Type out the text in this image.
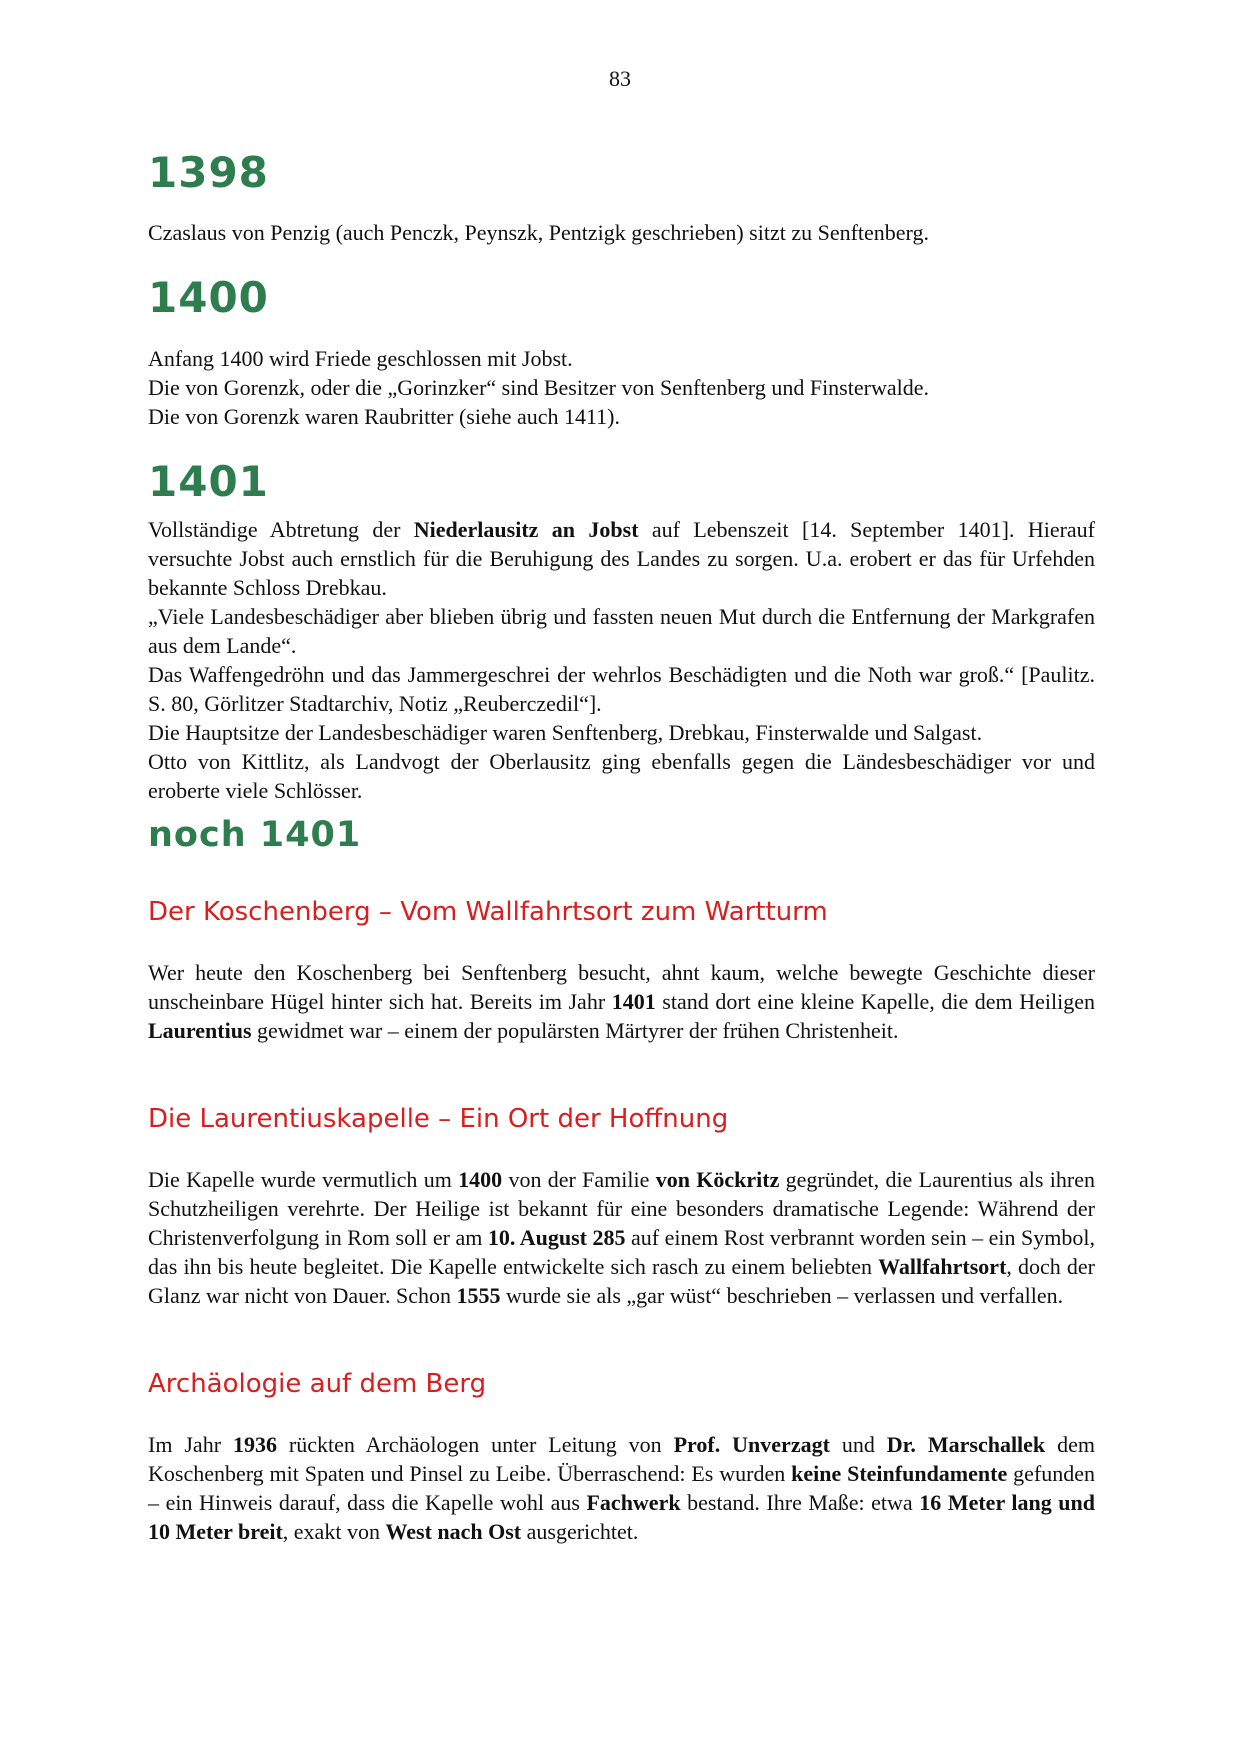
83
1398

Czaslaus von Penzig (auch Penczk, Peynszk, Pentzigk geschrieben) sitzt zu Senftenberg.

1400

Anfang 1400 wird Friede geschlossen mit Jobst.

Die von Gorenzk, oder die „Gorinzker“ sind Besitzer von Senftenberg und Finsterwalde.

Die von Gorenzk waren Raubritter (siehe auch 1411).

1401

Vollständige Abtretung der Niederlausitz an Jobst auf Lebenszeit [14. September 1401]. Hierauf versuchte Jobst auch ernstlich für die Beruhigung des Landes zu sorgen. U.a. erobert er das für Urfehden bekannte Schloss Drebkau.

„Viele Landesbeschädiger aber blieben übrig und fassten neuen Mut durch die Entfernung der Markgrafen aus dem Lande“.

Das Waffengedröhn und das Jammergeschrei der wehrlos Beschädigten und die Noth war groß.“ [Paulitz. S. 80, Görlitzer Stadtarchiv, Notiz „Reuberczedil“].

Die Hauptsitze der Landesbeschädiger waren Senftenberg, Drebkau, Finsterwalde und Salgast.

Otto von Kittlitz, als Landvogt der Oberlausitz ging ebenfalls gegen die Ländesbeschädiger vor und eroberte viele Schlösser.

noch 1401
Der Koschenberg – Vom Wallfahrtsort zum Wartturm

Wer heute den Koschenberg bei Senftenberg besucht, ahnt kaum, welche bewegte Geschichte dieser unscheinbare Hügel hinter sich hat. Bereits im Jahr 1401 stand dort eine kleine Kapelle, die dem Heiligen Laurentius gewidmet war – einem der populärsten Märtyrer der frühen Christenheit.

Die Laurentiuskapelle – Ein Ort der Hoffnung

Die Kapelle wurde vermutlich um 1400 von der Familie von Köckritz gegründet, die Laurentius als ihren Schutzheiligen verehrte. Der Heilige ist bekannt für eine besonders dramatische Legende: Während der Christenverfolgung in Rom soll er am 10. August 285 auf einem Rost verbrannt worden sein – ein Symbol, das ihn bis heute begleitet. Die Kapelle entwickelte sich rasch zu einem beliebten Wallfahrtsort, doch der Glanz war nicht von Dauer. Schon 1555 wurde sie als „gar wüst“ beschrieben – verlassen und verfallen.

Archäologie auf dem Berg

Im Jahr 1936 rückten Archäologen unter Leitung von Prof. Unverzagt und Dr. Marschallek dem Koschenberg mit Spaten und Pinsel zu Leibe. Überraschend: Es wurden keine Steinfundamente gefunden – ein Hinweis darauf, dass die Kapelle wohl aus Fachwerk bestand. Ihre Maße: etwa 16 Meter lang und 10 Meter breit, exakt von West nach Ost ausgerichtet.
